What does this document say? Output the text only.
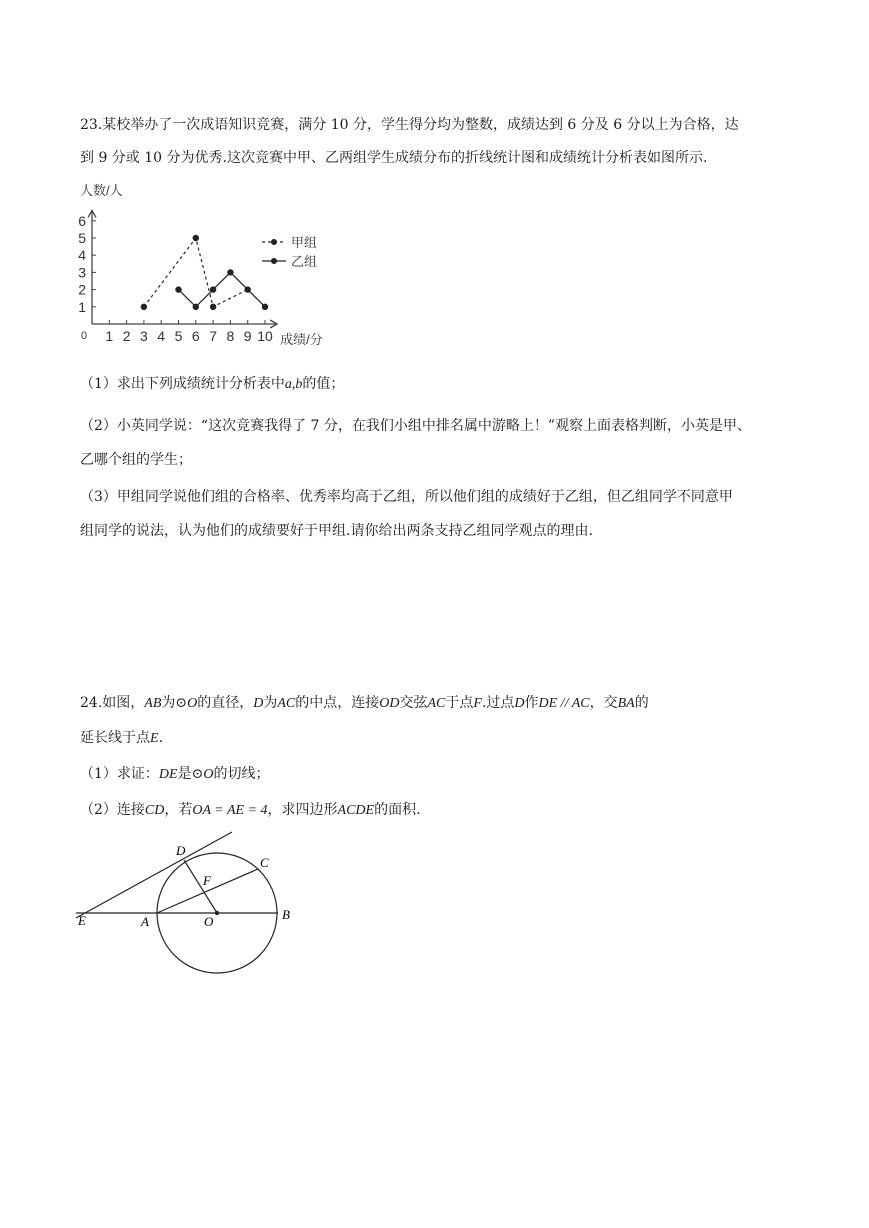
23.某校举办了一次成语知识竞赛，满分 10 分，学生得分均为整数，成绩达到 6 分及 6 分以上为合格，达
到 9 分或 10 分为优秀.这次竞赛中甲、乙两组学生成绩分布的折线统计图和成绩统计分析表如图所示.
人数/人
成绩/分
0 1 2 3 4 5 6 7 8 9 10
1
2
3
4
5
6
甲组
乙组
（1）求出下列成绩统计分析表中a,b的值；
（2）小英同学说：“这次竞赛我得了 7 分，在我们小组中排名属中游略上！”观察上面表格判断，小英是甲、
乙哪个组的学生；
（3）甲组同学说他们组的合格率、优秀率均高于乙组，所以他们组的成绩好于乙组，但乙组同学不同意甲
组同学的说法，认为他们的成绩要好于甲组.请你给出两条支持乙组同学观点的理由.
24.如图，AB为⊙O的直径，D为AC的中点，连接OD交弦AC于点F.过点D作DE // AC，交BA的
延长线于点E.
（1）求证：DE是⊙O的切线；
（2）连接CD，若OA = AE = 4，求四边形ACDE的面积.
D
C
F
E	A	O	B
